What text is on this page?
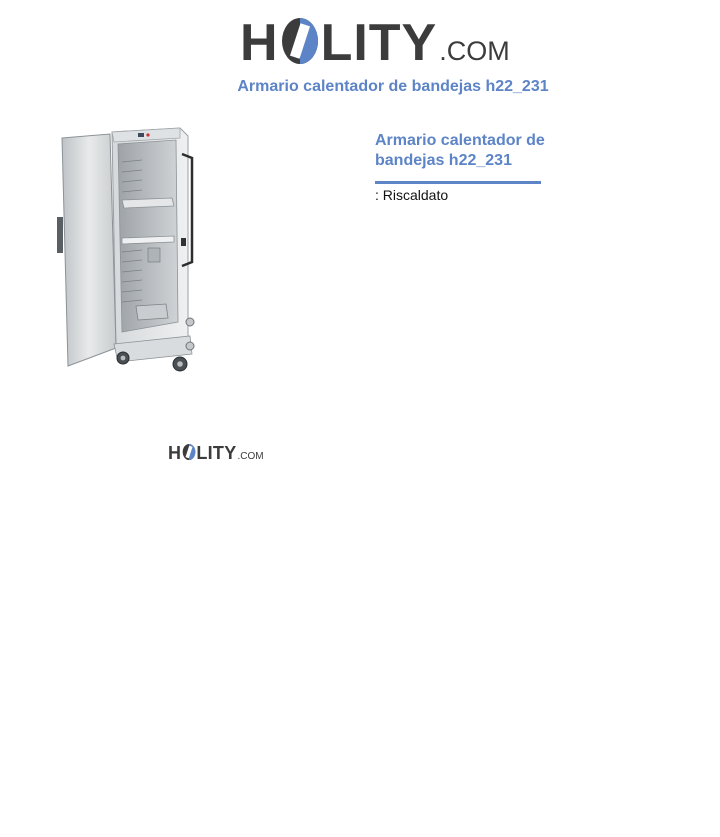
H LITY .COM
Armario calentador de bandejas h22_231
Armario calentador de bandejas h22_231
: Riscaldato
H LITY .COM
